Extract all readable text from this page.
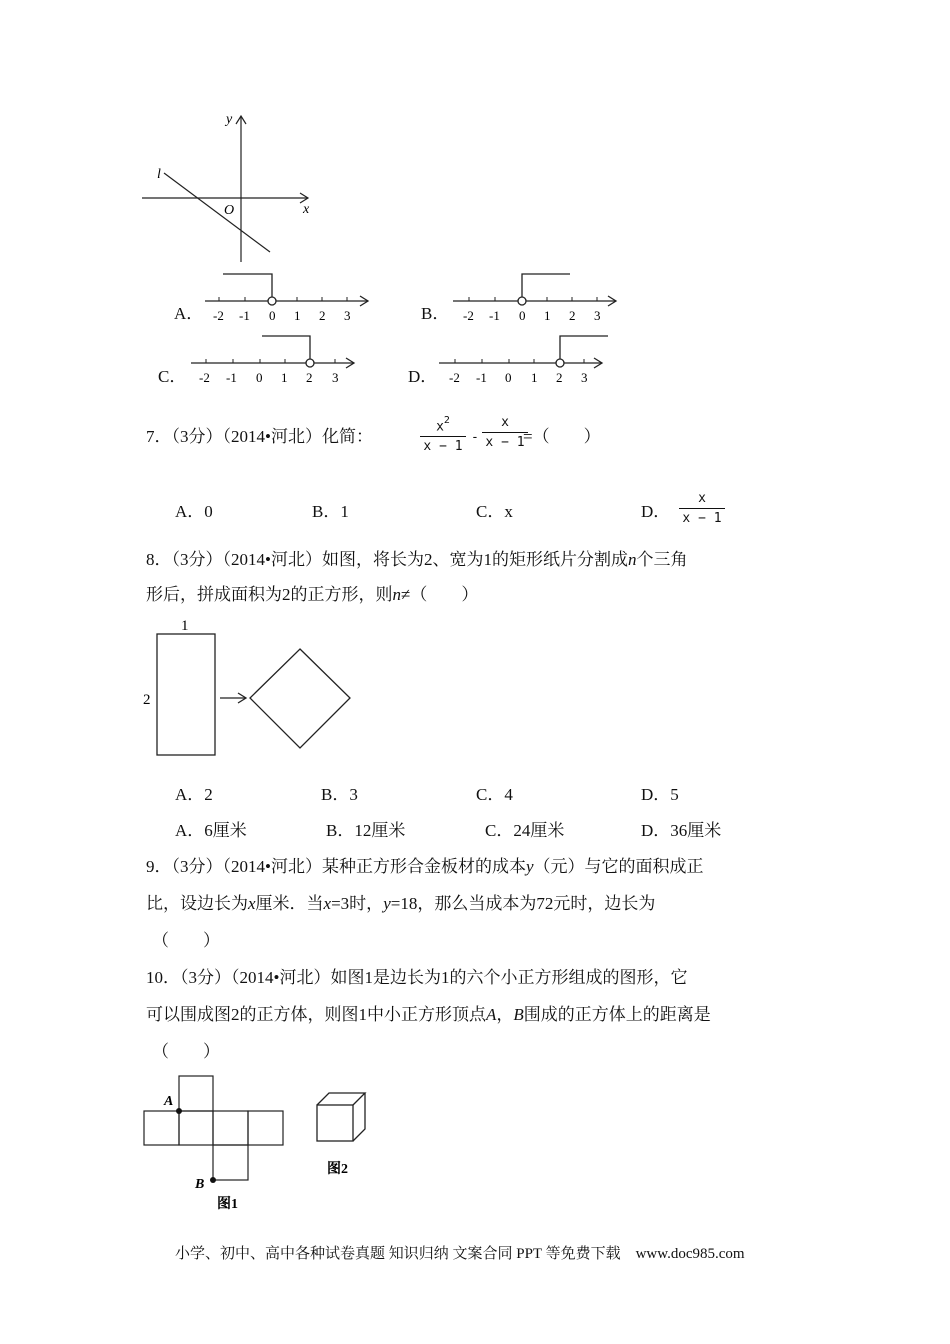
y
x
O
l
A． -2 -1 0 1 2 3	B． -2 -1 0 1 2 3
C． -2 -1 0 1 2 3	D． -2 -1 0 1 2 3
7．（3分）（2014•河北）化简：
$x^2$
x − 1
-
x
x − 1
=（　　）
A．0	B．1	C．x	D．
x
x − 1
8．（3分）（2014•河北）如图，将长为2、宽为1的矩形纸片分割成n个三角
形后，拼成面积为2的正方形，则n≠（　　）
1
2
A．2	B．3	C．4	D．5
A．6厘米	B．12厘米	C．24厘米	D．36厘米
9．（3分）（2014•河北）某种正方形合金板材的成本y（元）与它的面积成正
比，设边长为x厘米．当x=3时，y=18，那么当成本为72元时，边长为
（　　）
10．（3分）（2014•河北）如图1是边长为1的六个小正方形组成的图形，它
可以围成图2的正方体，则图1中小正方形顶点A，B围成的正方体上的距离是
（　　）
A
B
图1
图2
小学、初中、高中各种试卷真题 知识归纳 文案合同 PPT 等免费下载　www.doc985.com
